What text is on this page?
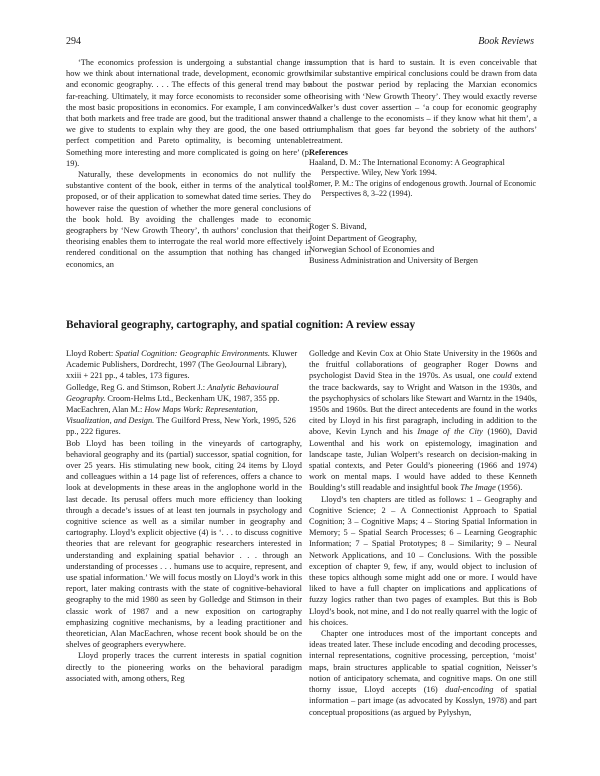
294	Book Reviews

‘The economics profession is undergoing a substantial change in how we think about international trade, development, economic growth and economic geography. . . . The effects of this general trend may be far-reaching. Ultimately, it may force economists to reconsider some of the most basic propositions in economics. For example, I am convinced that both markets and free trade are good, but the traditional answer that we give to students to explain why they are good, the one based on perfect competition and Pareto optimality, is becoming untenable. Something more interesting and more complicated is going on here’ (p. 19).

Naturally, these developments in economics do not nullify the substantive content of the book, either in terms of the analytical tools proposed, or of their application to somewhat dated time series. They do however raise the question of whether the more general conclusions of the book hold. By avoiding the challenges made to economic geographers by ‘New Growth Theory’, th authors’ conclusion that their theorising enables them to interrogate the real world more effectively is rendered conditional on the assumption that nothing has changed in economics, an

assumption that is hard to sustain. It is even conceivable that similar substantive empirical conclusions could be drawn from data about the postwar period by replacing the Marxian economics theorising with ‘New Growth Theory’. They would exactly reverse Walker’s dust cover assertion – ‘a coup for economic geography and a challenge to the economists – if they know what hit them’, a triumphalism that goes far beyond the sobriety of the authors’ treatment.

References

Haaland, D. M.: The International Economy: A Geographical Perspective. Wiley, New York 1994.

Romer, P. M.: The origins of endogenous growth. Journal of Economic Perspectives 8, 3–22 (1994).

Roger S. Bivand,
Joint Department of Geography,
Norwegian School of Economies and
Business Administration and University of Bergen
Behavioral geography, cartography, and spatial cognition: A review essay

Lloyd Robert: Spatial Cognition: Geographic Environments. Kluwer Academic Publishers, Dordrecht, 1997 (The GeoJournal Library), xxiii + 221 pp., 4 tables, 173 figures.

Golledge, Reg G. and Stimson, Robert J.: Analytic Behavioural Geography. Croom-Helms Ltd., Beckenham UK, 1987, 355 pp.

MacEachren, Alan M.: How Maps Work: Representation, Visualization, and Design. The Guilford Press, New York, 1995, 526 pp., 222 figures.

Bob Lloyd has been toiling in the vineyards of cartography, behavioral geography and its (partial) successor, spatial cognition, for over 25 years. His stimulating new book, citing 24 items by Lloyd and colleagues within a 14 page list of references, offers a chance to look at developments in these areas in the anglophone world in the last decade. Its perusal offers much more efficiency than looking through a decade’s issues of at least ten journals in psychology and cognitive science as well as a similar number in geography and cartography. Lloyd’s explicit objective (4) is ‘. . . to discuss cognitive theories that are relevant for geographic researchers interested in understanding and explaining spatial behavior . . . through an understanding of processes . . . humans use to acquire, represent, and use spatial information.’ We will focus mostly on Lloyd’s work in this report, later making contrasts with the state of cognitive-behavioral geography to the mid 1980 as seen by Golledge and Stimson in their classic work of 1987 and a new exposition on cartography emphasizing cognitive mechanisms, by a leading practitioner and theoretician, Alan MacEachren, whose recent book should be on the shelves of geographers everywhere.

Lloyd properly traces the current interests in spatial cognition directly to the pioneering works on the behavioral paradigm associated with, among others, Reg

Golledge and Kevin Cox at Ohio State University in the 1960s and the fruitful collaborations of geographer Roger Downs and psychologist David Stea in the 1970s. As usual, one could extend the trace backwards, say to Wright and Watson in the 1930s, and the psychophysics of scholars like Stewart and Warntz in the 1940s, 1950s and 1960s. But the direct antecedents are found in the works cited by Lloyd in his first paragraph, including in addition to the above, Kevin Lynch and his Image of the City (1960), David Lowenthal and his work on epistemology, imagination and landscape taste, Julian Wolpert’s research on decision-making in spatial contexts, and Peter Gould’s pioneering (1966 and 1974) work on mental maps. I would have added to these Kenneth Boulding’s still readable and insightful book The Image (1956).

Lloyd’s ten chapters are titled as follows: 1 – Geography and Cognitive Science; 2 – A Connectionist Approach to Spatial Cognition; 3 – Cognitive Maps; 4 – Storing Spatial Information in Memory; 5 – Spatial Search Processes; 6 – Learning Geographic Information; 7 – Spatial Prototypes; 8 – Similarity; 9 – Neural Network Applications, and 10 – Conclusions. With the possible exception of chapter 9, few, if any, would object to inclusion of these topics although some might add one or more. I would have liked to have a full chapter on implications and applications of fuzzy logics rather than two pages of examples. But this is Bob Lloyd’s book, not mine, and I do not really quarrel with the logic of his choices.

Chapter one introduces most of the important concepts and ideas treated later. These include encoding and decoding processes, internal representations, cognitive processing, perception, ‘moist’ maps, brain structures applicable to spatial cognition, Neisser’s notion of anticipatory schemata, and cognitive maps. On one still thorny issue, Lloyd accepts (16) dual-encoding of spatial information – part image (as advocated by Kosslyn, 1978) and part conceptual propositions (as argued by Pylyshyn,
